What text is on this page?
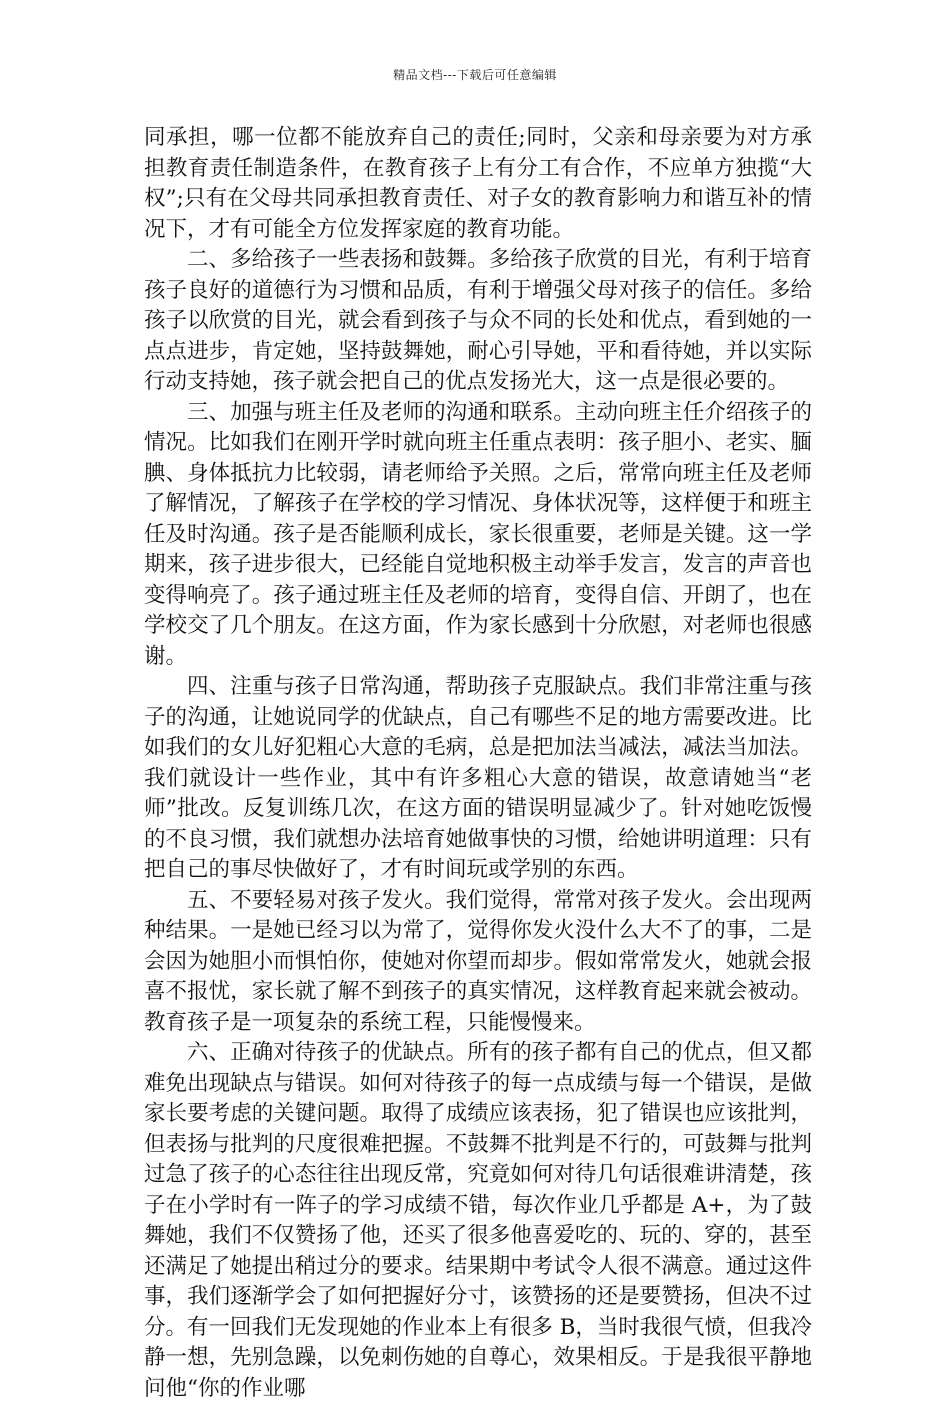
精品文档---下载后可任意编辑

同承担，哪一位都不能放弃自己的责任;同时，父亲和母亲要为对方承担教育责任制造条件，在教育孩子上有分工有合作，不应单方独揽“大权”;只有在父母共同承担教育责任、对子女的教育影响力和谐互补的情况下，才有可能全方位发挥家庭的教育功能。

二、多给孩子一些表扬和鼓舞。多给孩子欣赏的目光，有利于培育孩子良好的道德行为习惯和品质，有利于增强父母对孩子的信任。多给孩子以欣赏的目光，就会看到孩子与众不同的长处和优点，看到她的一点点进步，肯定她，坚持鼓舞她，耐心引导她，平和看待她，并以实际行动支持她，孩子就会把自己的优点发扬光大，这一点是很必要的。

三、加强与班主任及老师的沟通和联系。主动向班主任介绍孩子的情况。比如我们在刚开学时就向班主任重点表明：孩子胆小、老实、腼腆、身体抵抗力比较弱，请老师给予关照。之后，常常向班主任及老师了解情况，了解孩子在学校的学习情况、身体状况等，这样便于和班主任及时沟通。孩子是否能顺利成长，家长很重要，老师是关键。这一学期来，孩子进步很大，已经能自觉地积极主动举手发言，发言的声音也变得响亮了。孩子通过班主任及老师的培育，变得自信、开朗了，也在学校交了几个朋友。在这方面，作为家长感到十分欣慰，对老师也很感谢。

四、注重与孩子日常沟通，帮助孩子克服缺点。我们非常注重与孩子的沟通，让她说同学的优缺点，自己有哪些不足的地方需要改进。比如我们的女儿好犯粗心大意的毛病，总是把加法当减法，减法当加法。我们就设计一些作业，其中有许多粗心大意的错误，故意请她当“老师”批改。反复训练几次，在这方面的错误明显减少了。针对她吃饭慢的不良习惯，我们就想办法培育她做事快的习惯，给她讲明道理：只有把自己的事尽快做好了，才有时间玩或学别的东西。

五、不要轻易对孩子发火。我们觉得，常常对孩子发火。会出现两种结果。一是她已经习以为常了，觉得你发火没什么大不了的事，二是会因为她胆小而惧怕你，使她对你望而却步。假如常常发火，她就会报喜不报忧，家长就了解不到孩子的真实情况，这样教育起来就会被动。教育孩子是一项复杂的系统工程，只能慢慢来。

六、正确对待孩子的优缺点。所有的孩子都有自己的优点，但又都难免出现缺点与错误。如何对待孩子的每一点成绩与每一个错误，是做家长要考虑的关键问题。取得了成绩应该表扬，犯了错误也应该批判，但表扬与批判的尺度很难把握。不鼓舞不批判是不行的，可鼓舞与批判过急了孩子的心态往往出现反常，究竟如何对待几句话很难讲清楚，孩子在小学时有一阵子的学习成绩不错，每次作业几乎都是 A+，为了鼓舞她，我们不仅赞扬了他，还买了很多他喜爱吃的、玩的、穿的，甚至还满足了她提出稍过分的要求。结果期中考试令人很不满意。通过这件事，我们逐渐学会了如何把握好分寸，该赞扬的还是要赞扬，但决不过分。有一回我们无发现她的作业本上有很多 B，当时我很气愤，但我冷静一想，先别急躁，以免刺伤她的自尊心，效果相反。于是我很平静地问他“你的作业哪
